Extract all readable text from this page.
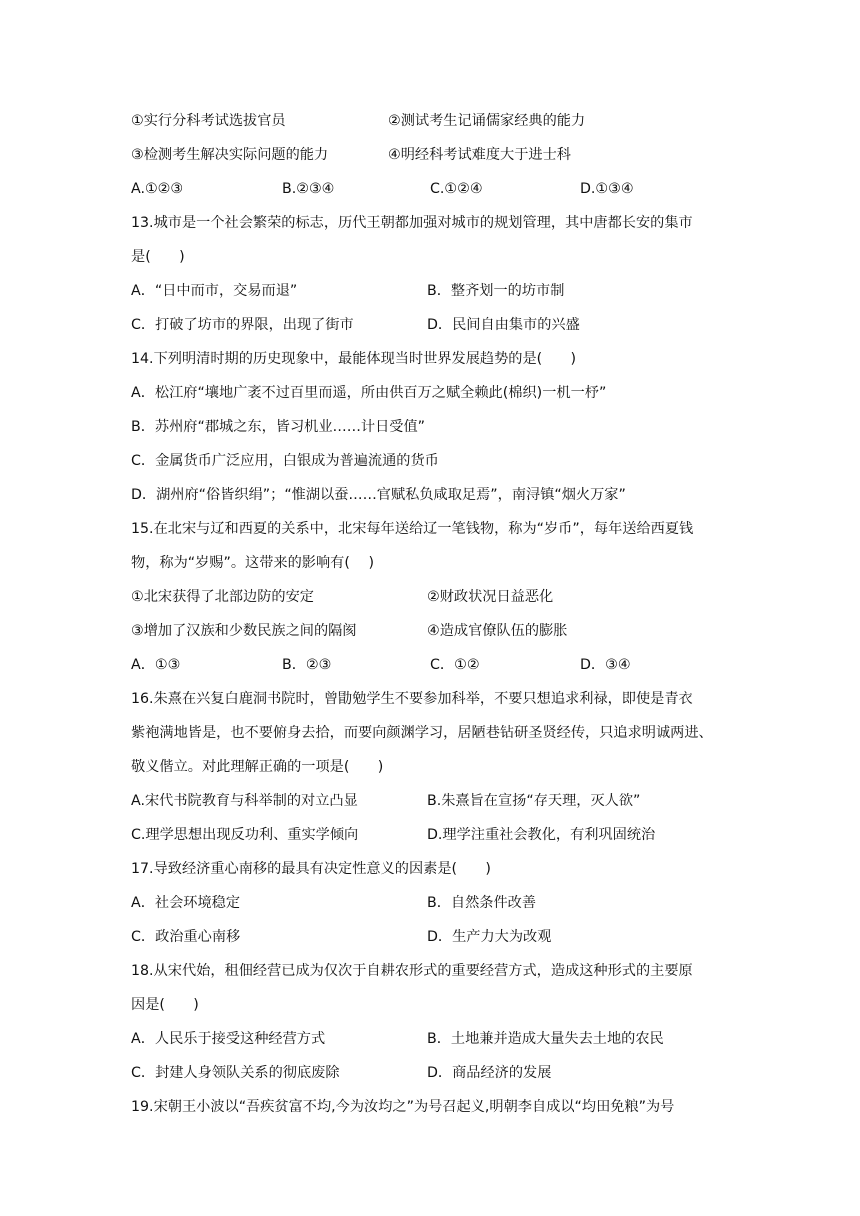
①实行分科考试选拔官员	②测试考生记诵儒家经典的能力
③检测考生解决实际问题的能力	④明经科考试难度大于进士科
A.①②③	B.②③④	C.①②④	D.①③④
13.城市是一个社会繁荣的标志，历代王朝都加强对城市的规划管理，其中唐都长安的集市
是(　　)
A．“日中而市，交易而退”	B．整齐划一的坊市制
C．打破了坊市的界限，出现了街市	D．民间自由集市的兴盛
14.下列明清时期的历史现象中，最能体现当时世界发展趋势的是(　　)
A．松江府“壤地广袤不过百里而遥，所由供百万之赋全赖此(棉织)一机一杼”
B．苏州府“郡城之东，皆习机业……计日受值”
C．金属货币广泛应用，白银成为普遍流通的货币
D．湖州府“俗皆织绢”；“惟湖以蚕……官赋私负咸取足焉”，南浔镇“烟火万家”
15.在北宋与辽和西夏的关系中，北宋每年送给辽一笔钱物，称为“岁币”，每年送给西夏钱
物，称为“岁赐”。这带来的影响有(　 )
①北宋获得了北部边防的安定	②财政状况日益恶化
③增加了汉族和少数民族之间的隔阂	④造成官僚队伍的膨胀
A．①③	B．②③	C．①②	D．③④
16.朱熹在兴复白鹿洞书院时，曾勖勉学生不要参加科举，不要只想追求利禄，即使是青衣
紫袍满地皆是，也不要俯身去拾，而要向颜渊学习，居陋巷钻研圣贤经传，只追求明诚两进、
敬义偕立。对此理解正确的一项是(　　)
A.宋代书院教育与科举制的对立凸显	B.朱熹旨在宣扬“存天理，灭人欲”
C.理学思想出现反功利、重实学倾向	D.理学注重社会教化，有利巩固统治
17.导致经济重心南移的最具有决定性意义的因素是(　　)
A．社会环境稳定	B．自然条件改善
C．政治重心南移	D．生产力大为改观
18.从宋代始，租佃经营已成为仅次于自耕农形式的重要经营方式，造成这种形式的主要原
因是(　　)
A．人民乐于接受这种经营方式	B．土地兼并造成大量失去土地的农民
C．封建人身领队关系的彻底废除	D．商品经济的发展
19.宋朝王小波以“吾疾贫富不均,今为汝均之”为号召起义,明朝李自成以“均田免粮”为号
